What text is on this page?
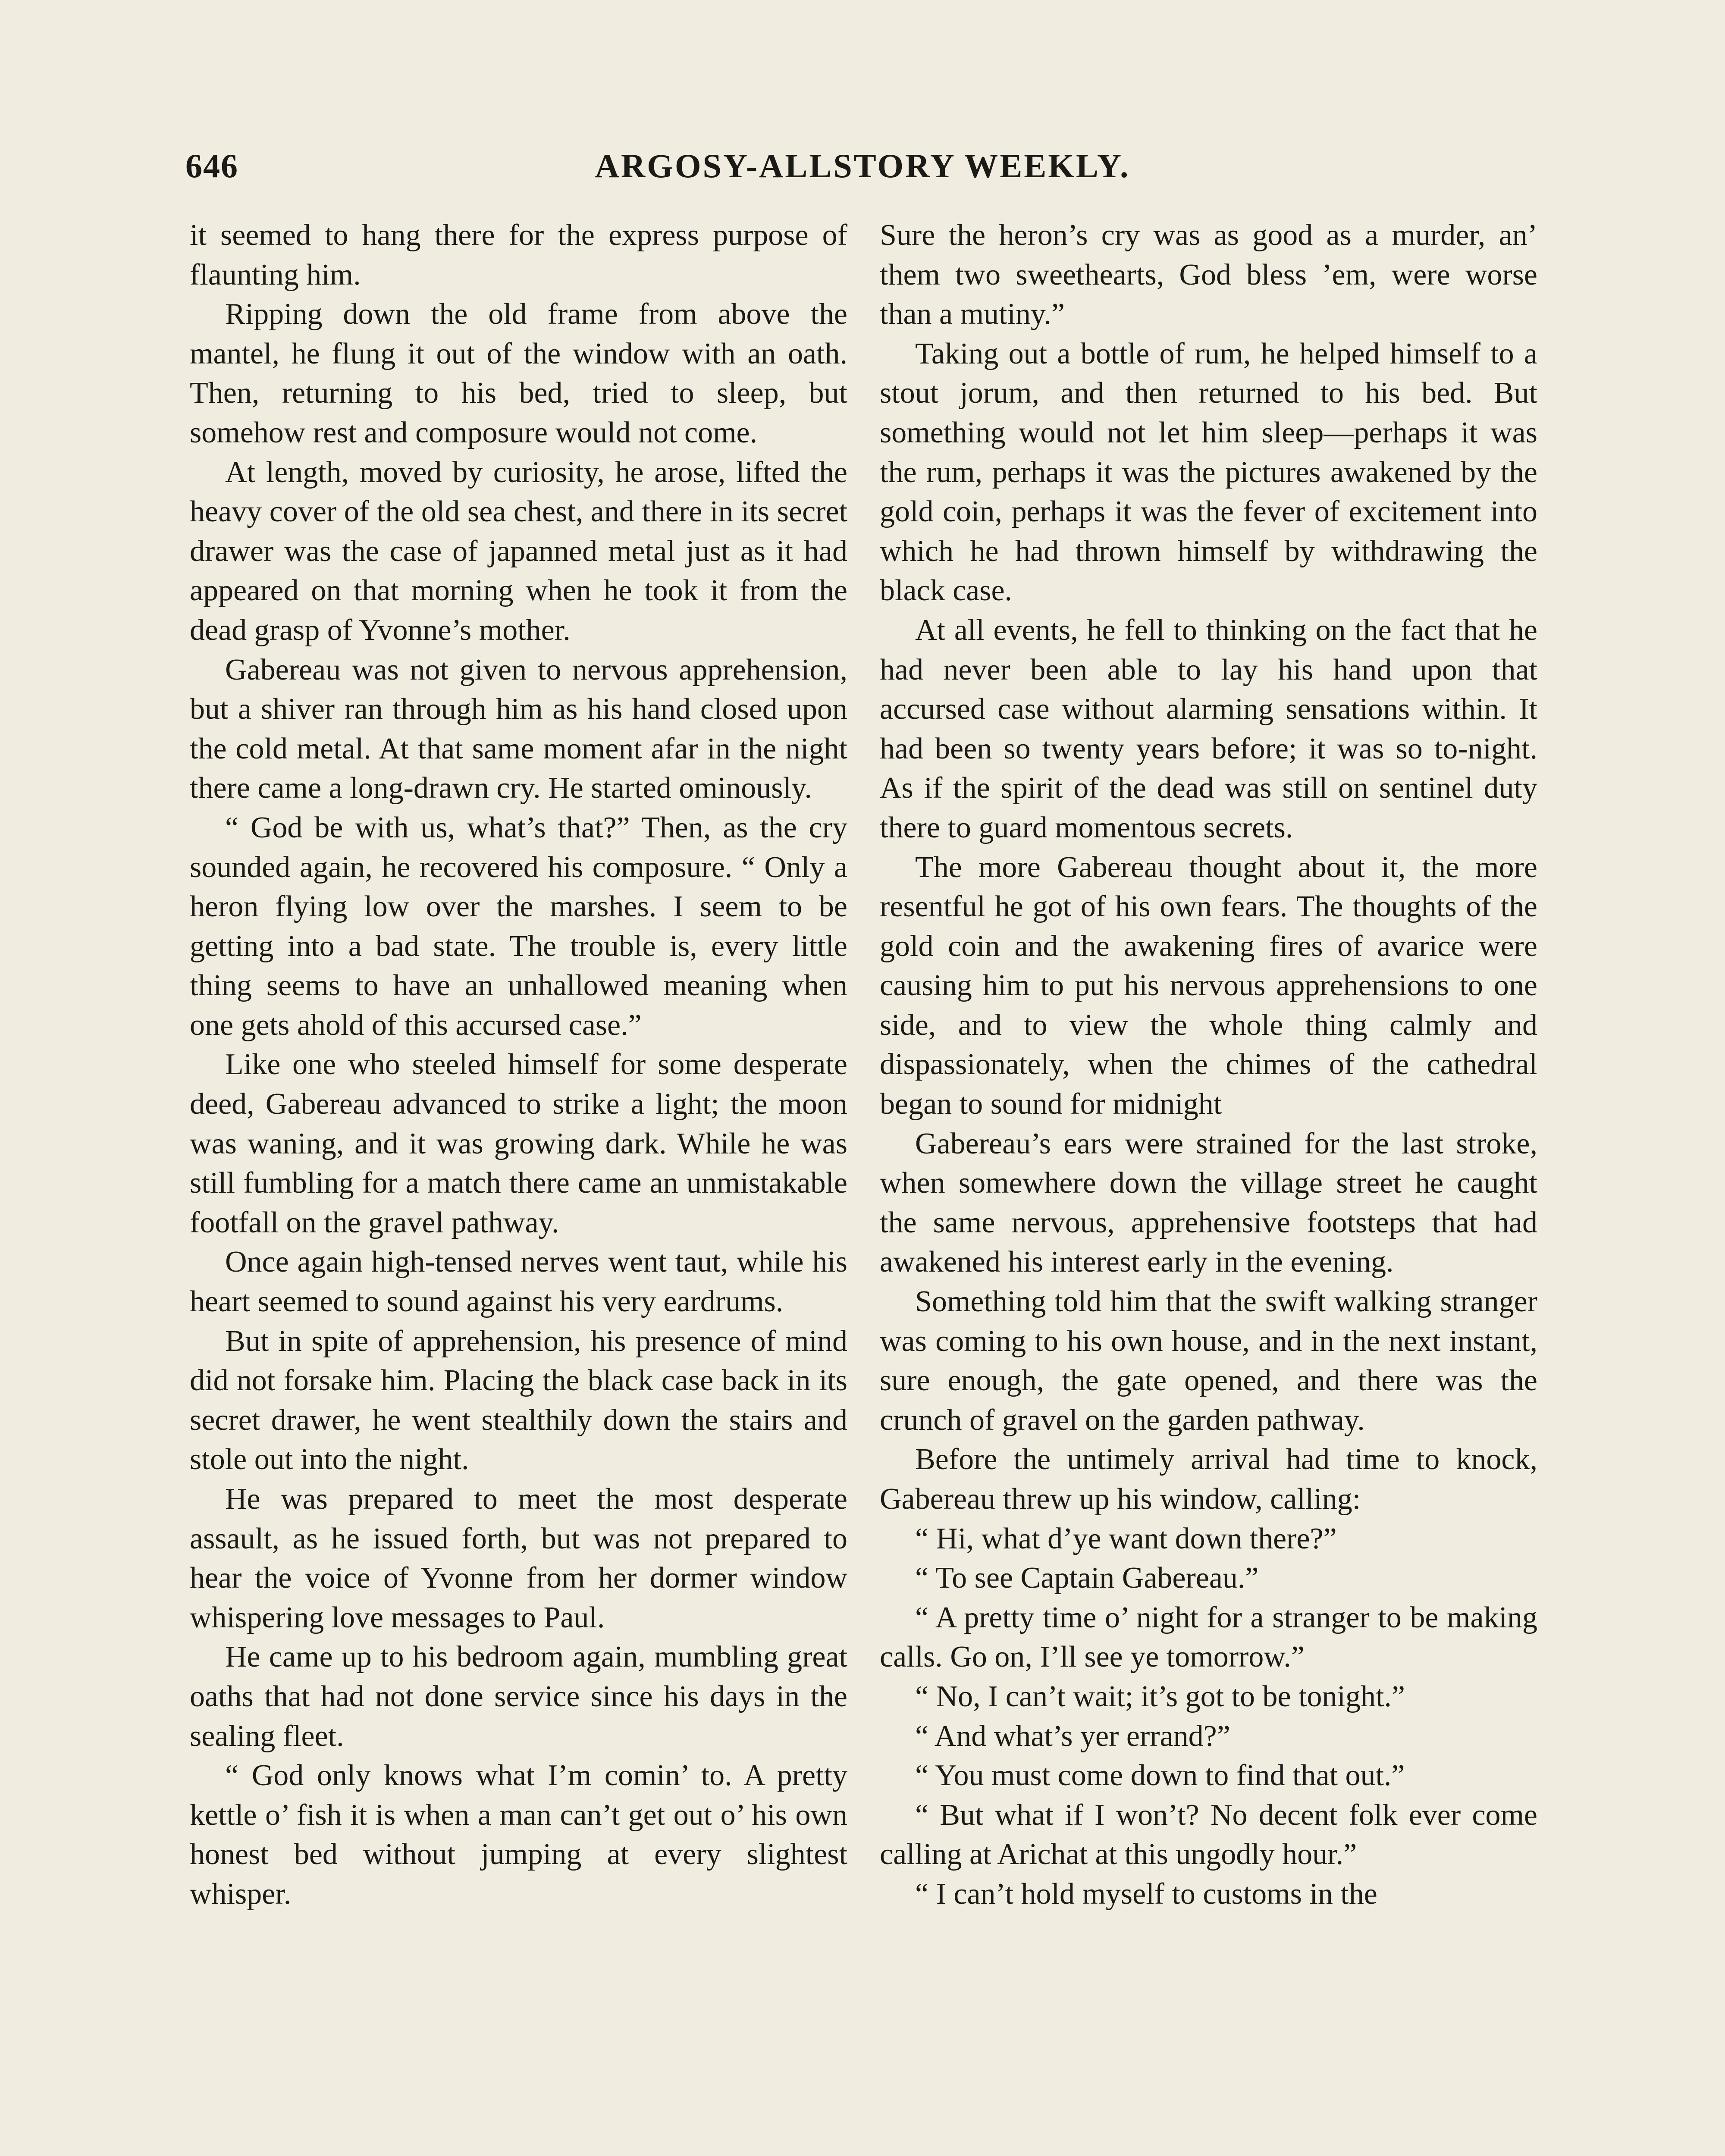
646	ARGOSY-ALLSTORY WEEKLY.

it seemed to hang there for the express purpose of flaunting him.

Ripping down the old frame from above the mantel, he flung it out of the window with an oath. Then, returning to his bed, tried to sleep, but somehow rest and composure would not come.

At length, moved by curiosity, he arose, lifted the heavy cover of the old sea chest, and there in its secret drawer was the case of japanned metal just as it had appeared on that morning when he took it from the dead grasp of Yvonne’s mother.

Gabereau was not given to nervous apprehension, but a shiver ran through him as his hand closed upon the cold metal. At that same moment afar in the night there came a long-drawn cry. He started ominously.

“ God be with us, what’s that?” Then, as the cry sounded again, he recovered his composure. “ Only a heron flying low over the marshes. I seem to be getting into a bad state. The trouble is, every little thing seems to have an unhallowed meaning when one gets ahold of this accursed case.”

Like one who steeled himself for some desperate deed, Gabereau advanced to strike a light; the moon was waning, and it was growing dark. While he was still fumbling for a match there came an unmistakable footfall on the gravel pathway.

Once again high-tensed nerves went taut, while his heart seemed to sound against his very eardrums.

But in spite of apprehension, his presence of mind did not forsake him. Placing the black case back in its secret drawer, he went stealthily down the stairs and stole out into the night.

He was prepared to meet the most desperate assault, as he issued forth, but was not prepared to hear the voice of Yvonne from her dormer window whispering love messages to Paul.

He came up to his bedroom again, mumbling great oaths that had not done service since his days in the sealing fleet.

“ God only knows what I’m comin’ to. A pretty kettle o’ fish it is when a man can’t get out o’ his own honest bed without jumping at every slightest whisper.

Sure the heron’s cry was as good as a murder, an’ them two sweethearts, God bless ’em, were worse than a mutiny.”

Taking out a bottle of rum, he helped himself to a stout jorum, and then returned to his bed. But something would not let him sleep—perhaps it was the rum, perhaps it was the pictures awakened by the gold coin, perhaps it was the fever of excitement into which he had thrown himself by withdrawing the black case.

At all events, he fell to thinking on the fact that he had never been able to lay his hand upon that accursed case without alarming sensations within. It had been so twenty years before; it was so to-night. As if the spirit of the dead was still on sentinel duty there to guard momentous secrets.

The more Gabereau thought about it, the more resentful he got of his own fears. The thoughts of the gold coin and the awakening fires of avarice were causing him to put his nervous apprehensions to one side, and to view the whole thing calmly and dispassionately, when the chimes of the cathedral began to sound for midnight

Gabereau’s ears were strained for the last stroke, when somewhere down the village street he caught the same nervous, apprehensive footsteps that had awakened his interest early in the evening.

Something told him that the swift walking stranger was coming to his own house, and in the next instant, sure enough, the gate opened, and there was the crunch of gravel on the garden pathway.

Before the untimely arrival had time to knock, Gabereau threw up his window, calling:

“ Hi, what d’ye want down there?”

“ To see Captain Gabereau.”

“ A pretty time o’ night for a stranger to be making calls. Go on, I’ll see ye tomorrow.”

“ No, I can’t wait; it’s got to be tonight.”

“ And what’s yer errand?”

“ You must come down to find that out.”

“ But what if I won’t? No decent folk ever come calling at Arichat at this ungodly hour.”

“ I can’t hold myself to customs in the
